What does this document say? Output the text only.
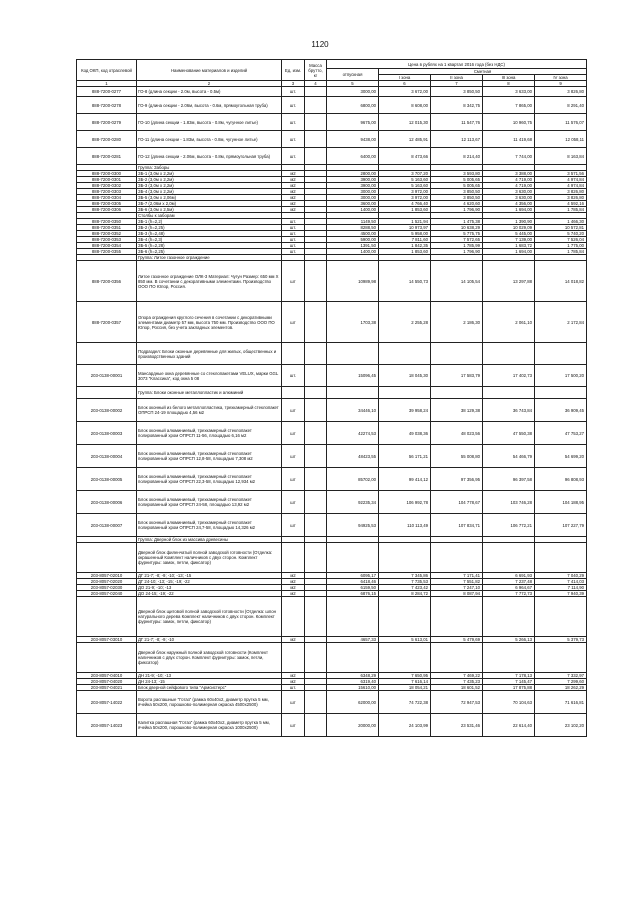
1120
Код ОКП, код отраслевой	Наименование материалов и изделий	Ед. изм.	Масса брутто, кг	Цена в рублях на 1 квартал 2016 года (без НДС)				
				отпускная	Сметная			
					I зона	II зона	III зона	IV зона
1	2	3	4	5	6	7	8	9
888-7200-0277	ГО-8 (длина секции - 2.0м, высота - 0.5м)	шт.		3000,00	3 672,00	3 850,50	3 633,00	3 826,80
888-7200-0278	ГО-9 (длина секции - 2.06м, высота - 0.6м, прямоугольная труба)	шт.		6800,00	8 608,00	8 342,75	7 865,00	8 291,40
888-7200-0279	ГО-10 (длина секции - 1.83м, высота - 0.8м, чугунное литье)	шт.		9675,00	12 015,30	11 547,76	10 960,75	11 576,07
888-7200-0280	ГО-11 (длина секции - 1.83м, высота - 0.8м, чугунное литье)	шт.		9438,00	12 485,91	12 113,67	11 419,68	12 058,11
888-7200-0281	ГО-12 (длина секции - 2.06м, высота - 0.8м, прямоугольная труба)	шт.		6400,00	8 473,66	8 214,40	7 744,00	8 163,84
	Группа: Заборы							
888-7200-0300	ЗБ-1 (3,0м х 2,2м)	м2		2800,00	3 707,20	3 593,80	3 388,00	3 571,56
888-7200-0301	ЗБ-2 (3,0м х 2,2м)	м2		3900,00	5 163,60	5 005,65	4 719,00	4 974,84
888-7200-0302	ЗБ-3 (3,0м х 2,2м)	м2		3900,00	5 163,60	5 005,65	4 719,00	4 974,84
888-7200-0303	ЗБ-4 (3,0м х 2,2м)	м2		3000,00	3 972,00	3 850,50	3 630,00	3 826,80
888-7200-0304	ЗБ-5 (3,0м х 2,06м)	м2		3000,00	3 972,00	3 850,50	3 630,00	3 826,80
888-7200-0305	ЗБ-7 (2,06м х 2,0м)	м2		3600,00	4 766,40	4 620,60	4 356,00	4 592,16
888-7200-0306	ЗБ-6 (3,0м х 2,5м)	м2		1400,00	1 853,60	1 796,90	1 694,00	1 785,84
	Столбы к заборам							
888-7200-0350	ЗБ-1 (h=2,2)	шт.		1149,50	1 521,94	1 475,38	1 390,90	1 466,30
888-7200-0351	ЗБ-2 (h=2,25)	шт.		8288,50	10 973,97	10 638,29	10 029,09	10 572,81
888-7200-0352	ЗБ-3 (h=2,48)	шт.		4500,00	5 958,00	5 775,75	5 445,00	5 740,20
888-7200-0353	ЗБ-4 (h=2,3)	шт.		5900,00	7 811,60	7 572,65	7 139,00	7 526,04
888-7200-0354	ЗБ-5 (h=2,28)	шт.		1391,50	1 842,35	1 785,99	1 683,72	1 775,00
888-7200-0355	ЗБ-6 (h=2,25)	шт.		1400,00	1 853,60	1 796,90	1 694,00	1 785,84
	Группа: Литое газонное ограждение							
888-7200-0356	Литое газонное ограждение ОЛК-3 Материал: Чугун Размер: 650 мм Х 850 мм. В сочетании с декоративными элементами. Производство ООО ПО Юпор, Россия.	шт		10989,98	14 550,73	14 105,54	13 297,88	14 018,82
888-7200-0357	Опора ограждения круглого сечения в сочетании с декоративными элементами диаметр 57 мм, высота 750 мм. Производство ООО ПО Юпор, Россия, без учета закладных элементов.	шт		1703,38	2 255,28	2 186,30	2 061,10	2 172,84
	Подраздел: Блоки оконные деревянные для жилых, общественных и производственных зданий							
203-0138-00001	Мансардные окна деревянные со стеклопакетами VELUX, марки GGL 3073 "Классика", код окна 5 08	шт.		15096,45	18 045,30	17 583,79	17 402,73	17 500,20
	Группа: Блоки оконные металлопластик и алюминий							
203-0138-00002	Блок оконный из белого металлопластика, трехкамерный стеклопакет ОПРСП 24-19 площадью 4,56 м2	шт		34446,10	39 958,24	38 129,38	36 743,84	36 909,45
203-0138-00003	Блок оконный алюминиевый, трехкамерный стеклопакет полированный хром ОПРСП 11-56, площадью 6,16 м2	шт		42274,53	49 038,36	48 023,56	47 550,38	47 753,27
203-0138-00004	Блок оконный алюминиевый, трехкамерный стеклопакет полированный хром ОПРСП 12,8-58, площадью 7,308 м2	шт		48423,55	56 171,21	55 008,80	54 466,79	54 699,20
203-0138-00005	Блок оконный алюминиевый, трехкамерный стеклопакет полированный хром ОПРСП 22,3-58, площадью 12,934 м2	шт		85702,00	99 414,12	97 356,95	96 397,58	96 808,93
203-0138-00006	Блок оконный алюминиевый, трехкамерный стеклопакет полированный хром ОПРСП 24-58, площадью 13,92 м2	шт		92235,34	106 992,78	104 778,67	103 746,28	104 188,95
203-0138-00007	Блок оконный алюминиевый, трехкамерный стеклопакет полированный хром ОПРСП 24,7-58, площадью 14,326 м2	шт		94925,53	110 113,49	107 834,71	106 772,21	107 227,79
	Группа: Дверной блок из массива древесины							
	Дверной блок филенчатый полной заводской готовности (Отделка: окрашенный Комплект наличников с двух сторон. Комплект фурнитуры: замок, петли, фиксатор)							
203-8057-02010	ДГ 21-7; -8; -9; -10; -13; -15	м2		6095,17	7 345,86	7 171,41	6 691,93	7 040,29
203-8057-02020	ДГ 24-10; -13; -15; -19; -22	м2		6418,46	7 735,53	7 551,82	7 237,48	7 414,03
203-8057-02030	ДО 21-9; -10; -13	м2		6159,50	7 423,42	7 247,10	6 964,67	7 114,90
203-8057-02040	ДО 24-15; -19; -22	м2		6876,15	8 284,72	8 087,94	7 772,73	7 940,39
	Дверной блок щитовой полной заводской готовности (Отделка: шпон натурального дерева Комплект наличников с двух сторон. Комплект фурнитуры: замок, петли, фиксатор)							
203-8057-03010	ДГ 21-7; -8; -9; -10	м2		4657,33	5 613,01	5 479,69	5 266,13	5 379,73
	Дверной блок наружный полной заводской готовности (Комплект наличников с двух сторон. Комплект фурнитуры: замок, петли, фиксатор)							
203-8057-04010	ДН 21-9; -10; -13	м2		6348,29	7 650,95	7 469,22	7 178,13	7 332,97
203-8057-04020	ДН 24-13; -15	м2		6319,40	7 616,14	7 435,23	7 145,47	7 299,60
203-8057-04021	Блок дверной сейфового типа "Армсистерс"	шт.		15610,00	18 054,21	18 601,52	17 875,88	18 262,29
203-8057-14022	Ворота распашные "Готаз" (рамка 60х40х2, диаметр прутка 5 мм, ячейка 50х200, порошково-полимерная окраска 4500х2500)	шт		62000,00	74 722,38	72 947,53	70 104,63	71 616,81
203-8057-14023	Калитка распашная "Готаз" (рамка 60х40х2, диаметр прутка 5 мм, ячейка 50х200, порошково-полимерная окраска 1000х2500)	шт		20000,00	24 103,99	23 531,46	22 614,40	23 102,20
